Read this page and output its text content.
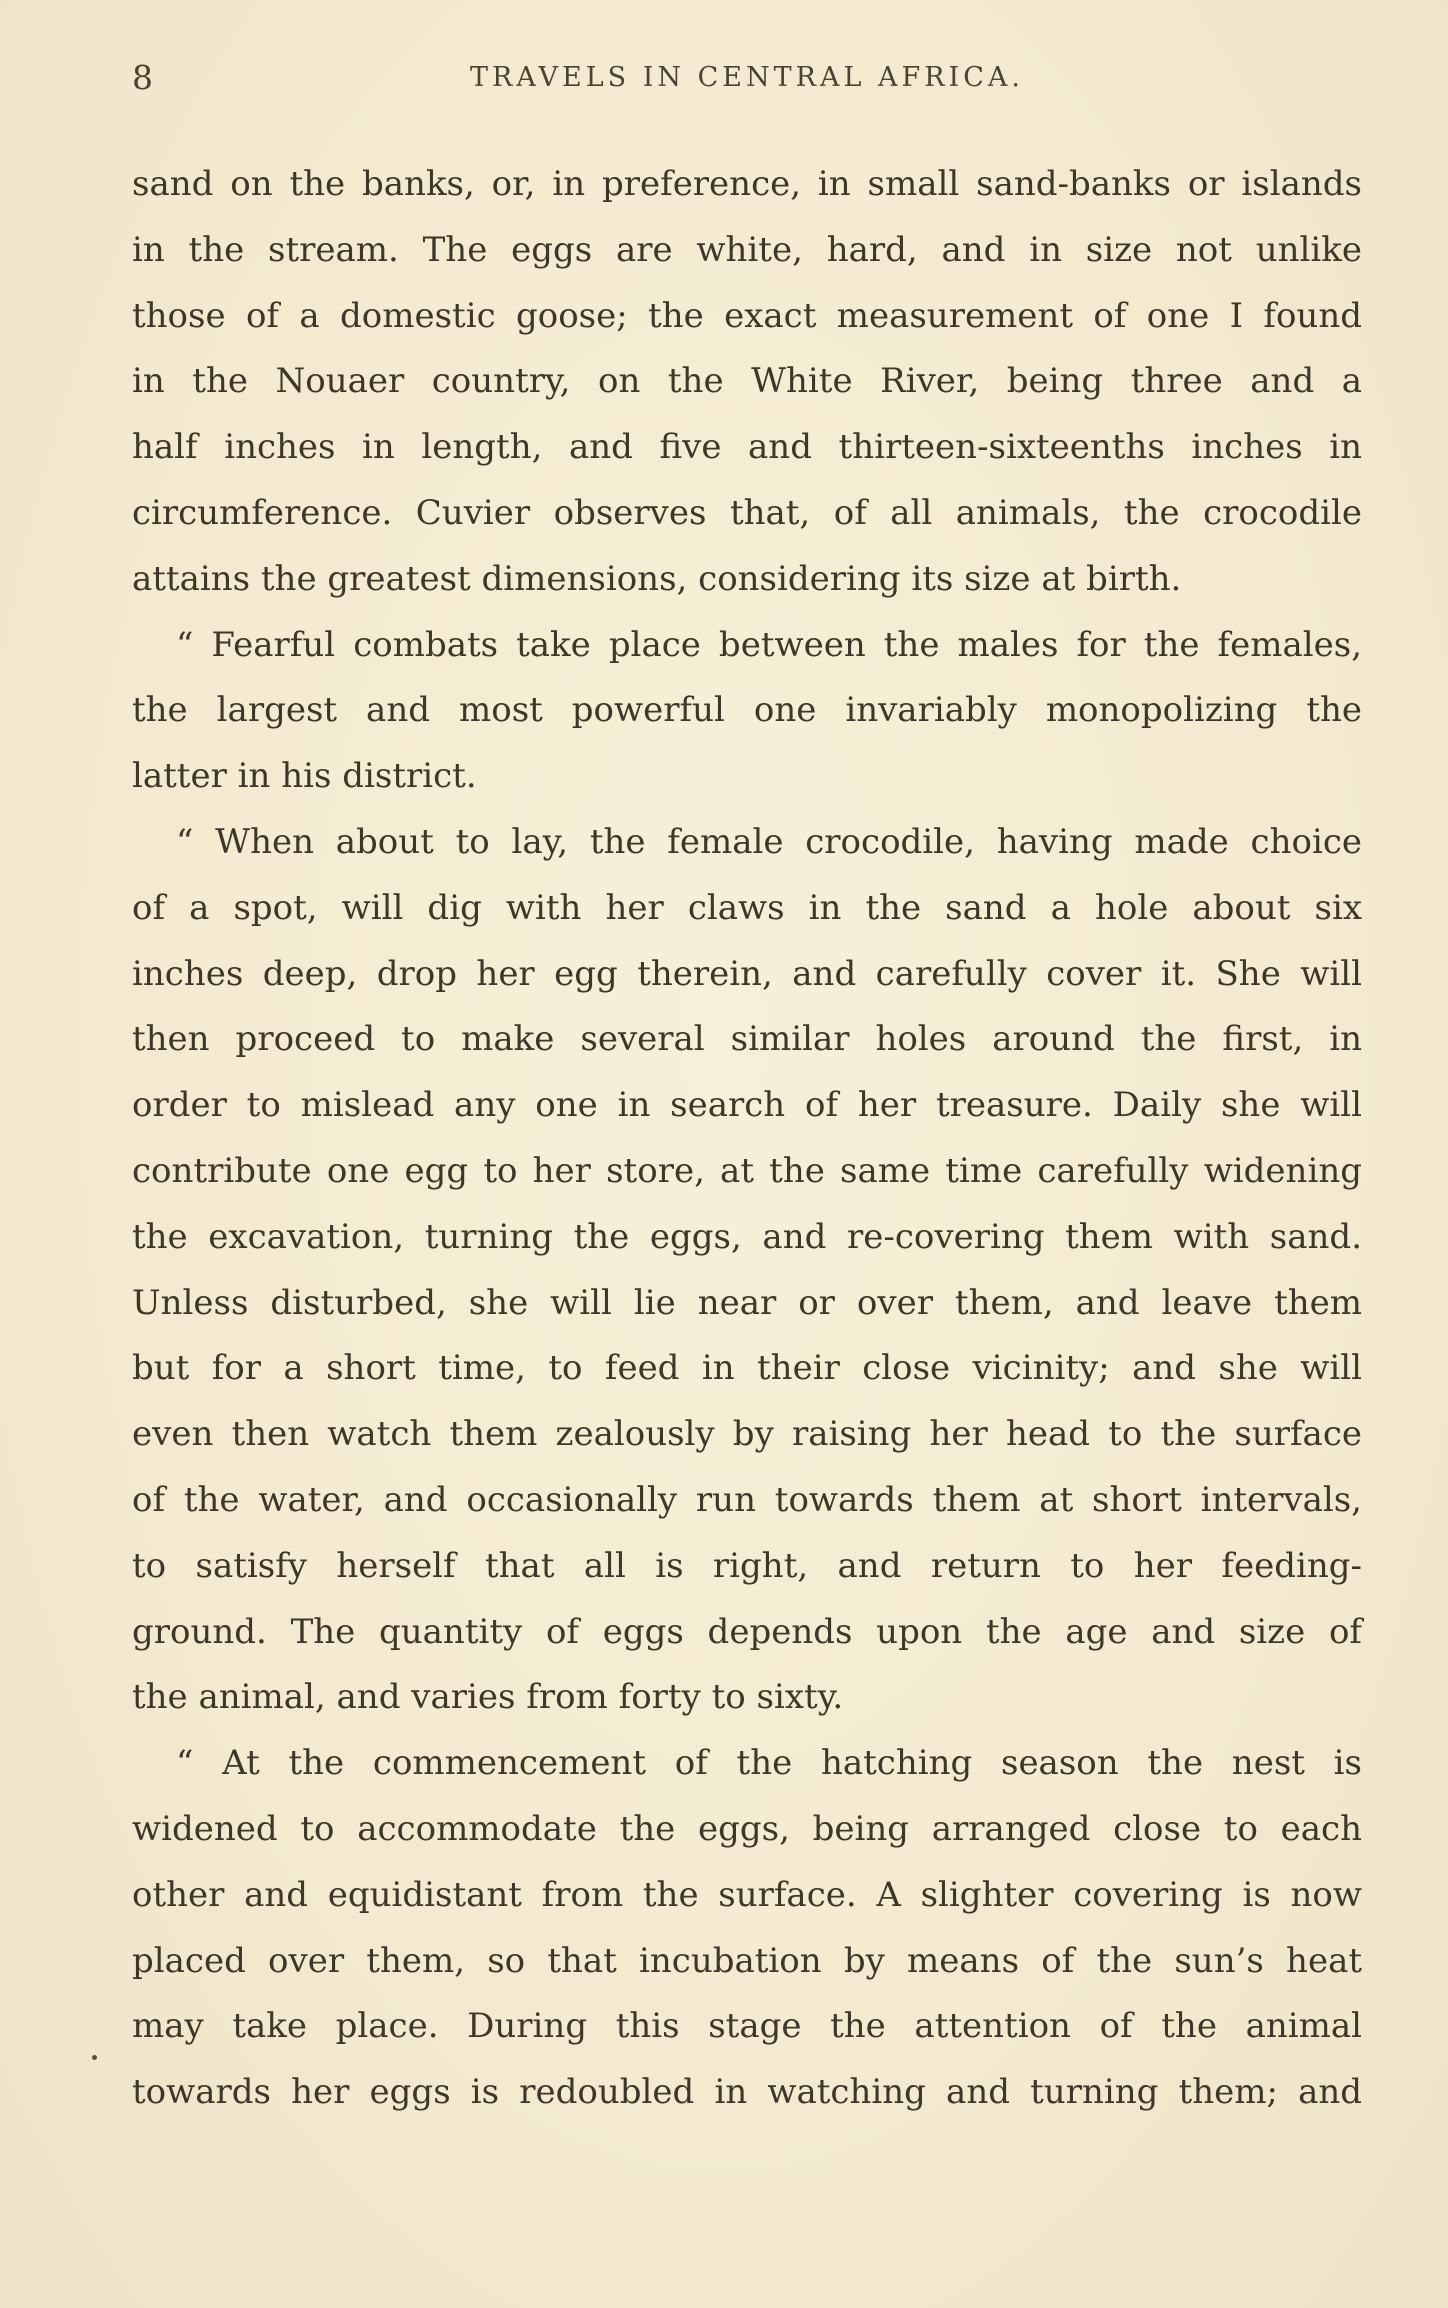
8	TRAVELS IN CENTRAL AFRICA.
sand on the banks, or, in preference, in small sand-banks or islands
in the stream. The eggs are white, hard, and in size not unlike
those of a domestic goose; the exact measurement of one I found
in the Nouaer country, on the White River, being three and a
half inches in length, and five and thirteen-sixteenths inches in
circumference. Cuvier observes that, of all animals, the crocodile
attains the greatest dimensions, considering its size at birth.
“ Fearful combats take place between the males for the females,
the largest and most powerful one invariably monopolizing the
latter in his district.
“ When about to lay, the female crocodile, having made choice
of a spot, will dig with her claws in the sand a hole about six
inches deep, drop her egg therein, and carefully cover it. She will
then proceed to make several similar holes around the first, in
order to mislead any one in search of her treasure. Daily she will
contribute one egg to her store, at the same time carefully widening
the excavation, turning the eggs, and re-covering them with sand.
Unless disturbed, she will lie near or over them, and leave them
but for a short time, to feed in their close vicinity; and she will
even then watch them zealously by raising her head to the surface
of the water, and occasionally run towards them at short intervals,
to satisfy herself that all is right, and return to her feeding-
ground. The quantity of eggs depends upon the age and size of
the animal, and varies from forty to sixty.
“ At the commencement of the hatching season the nest is
widened to accommodate the eggs, being arranged close to each
other and equidistant from the surface. A slighter covering is now
placed over them, so that incubation by means of the sun’s heat
may take place. During this stage the attention of the animal
towards her eggs is redoubled in watching and turning them; and
